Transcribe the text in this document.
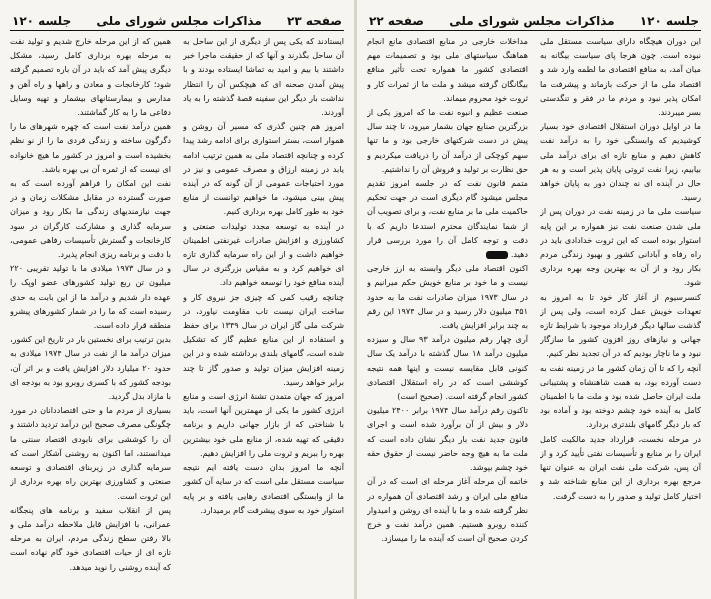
صفحه ۲۳
مذاکرات مجلس شورای ملی
جلسه ۱۲۰

ایستادند که یکی پس از دیگری از این ساحل به آن ساحل بگذرند و آنها که از حقیقت ماجرا خبر داشتند با بیم و امید به تماشا ایستاده بودند و با پیش آمدن صحنه ای که هیچکس آن را انتظار نداشت بار دیگر این سفینه قصهٔ گذشته را به یاد آوردند.

امروز هم چنین گذری که مسیر آن روشن و هموار است، بستر استواری برای ادامه رشد پیدا کرده و چنانچه اقتصاد ملی به همین ترتیب ادامه یابد در زمینه ارزاق و مصرف عمومی و نیز در مورد احتیاجات عمومی از آن گونه که در آینده پیش بینی میشود، ما خواهیم توانست از منابع خود به طور کامل بهره برداری کنیم.

در آینده به توسعه مجدد تولیدات صنعتی و کشاورزی و افزایش صادرات غیرنفتی اطمینان خواهیم داشت و از این راه سرمایه گذاری تازه ای خواهیم کرد و به مقیاس بزرگتری در سال آینده منافع خود را توسعه خواهیم داد.

چنانچه رقیب کمی که چیزی جز نیروی کار و ساخت ایران نیست تاب مقاومت نیاورد، در شرکت ملی گاز ایران در سال ۱۳۴۹ برای حفظ و استفاده از این منابع عظیم گاز که تشکیل شده است، گامهای بلندی برداشته شده و در این زمینه افزایش میزان تولید و صدور گاز تا چند برابر خواهد رسید.

امروز که جهان متمدن تشنهٔ انرژی است و منابع انرژی کشور ما یکی از مهمترین آنها است، باید با شناختی که از بازار جهانی داریم و برنامه دقیقی که تهیه شده، از منابع ملی خود بیشترین بهره را ببریم و ثروت ملی را افزایش دهیم.

آنچه ما امروز بدان دست یافته ایم نتیجه سیاست مستقل ملی است که در سایه آن کشور ما از وابستگی اقتصادی رهایی یافته و بر پایه استوار خود به سوی پیشرفت گام برمیدارد.

همین که از این مرحله خارج شدیم و تولید نفت به مرحله بهره برداری کامل رسید، مشکل دیگری پیش آمد که باید در آن باره تصمیم گرفته شود؛ کارخانجات و معادن و راهها و راه آهن و مدارس و بیمارستانهای بیشمار و تهیه وسایل دفاعی ما را به کار گماشتند.

همین درآمد نفت است که چهره شهرهای ما را دگرگون ساخته و زندگی فردی ما را از نو نظم بخشیده است و امروز در کشور ما هیچ خانواده ای نیست که از ثمره آن بی بهره باشد.

نفت این امکان را فراهم آورده است که به صورت گسترده در مقابل مشکلات زمان و در جهت نیازمندیهای زندگی ما بکار رود و میزان سرمایه گذاری و مشارکت کارگران در سود کارخانجات و گسترش تأسیسات رفاهی عمومی، با دقت و برنامه ریزی انجام پذیرد.

و در سال ۱۹۷۳ میلادی ما با تولید تقریبی ۲۲۰ میلیون تن ربع تولید کشورهای عضو اوپک را عهده دار شدیم و درآمد ما از این بابت به حدی رسیده است که ما را در شمار کشورهای پیشرو منطقه قرار داده است.

بدین ترتیب برای نخستین بار در تاریخ این کشور، میزان درآمد ما از نفت در سال ۱۹۷۴ میلادی به حدود ۲۰ میلیارد دلار افزایش یافت و بر اثر آن، بودجه کشور که با کسری روبرو بود به بودجه ای با مازاد بدل گردید.

بسیاری از مردم ما و حتی اقتصاددانان در مورد چگونگی مصرف صحیح این درآمد تردید داشتند و آن را کوششی برای نابودی اقتصاد سنتی ما میدانستند، اما اکنون به روشنی آشکار است که سرمایه گذاری در زیربنای اقتصادی و توسعه صنعتی و کشاورزی بهترین راه بهره برداری از این ثروت است.

پس از انقلاب سفید و برنامه های پنجگانه عمرانی، با افزایش قابل ملاحظه درآمد ملی و بالا رفتن سطح زندگی مردم، ایران به مرحله تازه ای از حیات اقتصادی خود گام نهاده است که آینده روشنی را نوید میدهد.

جلسه ۱۲۰
مذاکرات مجلس شورای ملی
صفحه ۲۲

این دوران هیچگاه دارای سیاست مستقل ملی نبوده است. چون هرجا پای سیاست بیگانه به میان آمد، به منافع اقتصادی ما لطمه وارد شد و اقتصاد ملی ما از حرکت بازماند و پیشرفت ما امکان پذیر نبود و مردم ما در فقر و تنگدستی بسر میبردند.

ما در اوایل دوران استقلال اقتصادی خود بسیار کوشیدیم که وابستگی خود را به درآمد نفت کاهش دهیم و منابع تازه ای برای درآمد ملی بیابیم، زیرا نفت ثروتی پایان پذیر است و به هر حال در آینده ای نه چندان دور به پایان خواهد رسید.

سیاست ملی ما در زمینه نفت در دوران پس از ملی شدن صنعت نفت نیز همواره بر این پایه استوار بوده است که این ثروت خدادادی باید در راه رفاه و آبادانی کشور و بهبود زندگی مردم بکار رود و از آن به بهترین وجه بهره برداری شود.

کنسرسیوم از آغاز کار خود تا به امروز به تعهدات خویش عمل کرده است، ولی پس از گذشت سالها دیگر قرارداد موجود با شرایط تازه جهانی و نیازهای روز افزون کشور ما سازگار نبود و ما ناچار بودیم که در آن تجدید نظر کنیم.

آنچه را که تا آن زمان کشور ما در زمینه نفت به دست آورده بود، به همت شاهنشاه و پشتیبانی ملت ایران حاصل شده بود و ملت ما با اطمینان کامل به آینده خود چشم دوخته بود و آماده بود که بار دیگر گامهای بلندتری بردارد.

در مرحله نخست، قرارداد جدید مالکیت کامل ایران را بر منابع و تأسیسات نفتی تأیید کرد و از آن پس، شرکت ملی نفت ایران به عنوان تنها مرجع بهره برداری از این منابع شناخته شد و اختیار کامل تولید و صدور را به دست گرفت.

مداخلات خارجی در منابع اقتصادی مانع انجام هماهنگ سیاستهای ملی بود و تصمیمات مهم اقتصادی کشور ما همواره تحت تأثیر منافع بیگانگان گرفته میشد و ملت ما از ثمرات کار و ثروت خود محروم میماند.

صنعت عظیم و انبوه نفت ما که امروز یکی از بزرگترین صنایع جهان بشمار میرود، تا چند سال پیش در دست شرکتهای خارجی بود و ما تنها سهم کوچکی از درآمد آن را دریافت میکردیم و حق نظارت بر تولید و فروش آن را نداشتیم.

متمم قانون نفت که در جلسه امروز تقدیم مجلس میشود گام دیگری است در جهت تحکیم حاکمیت ملی ما بر منابع نفت، و برای تصویب آن از شما نمایندگان محترم استدعا داریم که با دقت و توجه کامل آن را مورد بررسی قرار دهید.

اکنون اقتصاد ملی دیگر وابسته به ارز خارجی نیست و ما خود بر منابع خویش حکم میرانیم و در سال ۱۹۷۳ میزان صادرات نفت ما به حدود ۴۵۱ میلیون دلار رسید و در سال ۱۹۷۴ این رقم به چند برابر افزایش یافت.

آری چهار رقم میلیون درآمد ۹۳ سال و سیزده میلیون درآمد ۱۸ سال گذشته با درآمد یک سال کنونی قابل مقایسه نیست و اینها همه نتیجه کوششی است که در راه استقلال اقتصادی کشور انجام گرفته است. (صحیح است)

تاکنون رقم درآمد سال ۱۹۷۴ برابر ۲۴۰۰ میلیون دلار و بیش از آن برآورد شده است و اجرای قانون جدید نفت بار دیگر نشان داده است که ملت ما به هیچ وجه حاضر نیست از حقوق حقه خود چشم بپوشد.

خاتمه آن مرحله آغاز مرحله ای است که در آن منافع ملی ایران و رشد اقتصادی آن همواره در نظر گرفته شده و ما با آینده ای روشن و امیدوار کننده روبرو هستیم. همین درآمد نفت و خرج کردن صحیح آن است که آینده ما را میسازد.
